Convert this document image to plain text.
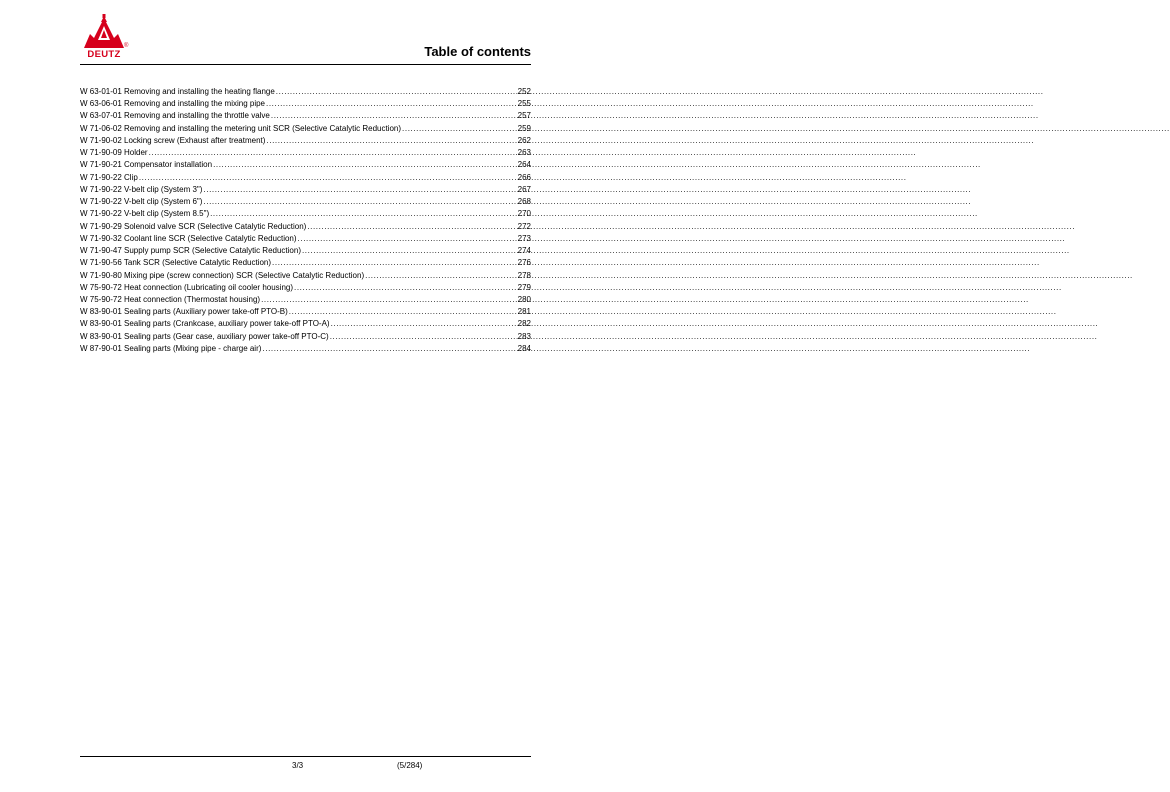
®
DEUTZ	Table of contents
W 63-01-01 Removing and installing the heating flange .....	252
W 63-06-01 Removing and installing the mixing pipe .....	255
W 63-07-01 Removing and installing the throttle valve .....	257
W 71-06-02 Removing and installing the metering unit SCR (Selective Catalytic Reduction) .....	259
W 71-90-02 Locking screw (Exhaust after treatment) .....	262
W 71-90-09 Holder .....	263
W 71-90-21 Compensator installation .....	264
W 71-90-22 Clip .....	266
W 71-90-22 V-belt clip (System 3") .....	267
W 71-90-22 V-belt clip (System 6") .....	268
W 71-90-22 V-belt clip (System 8.5") .....	270
W 71-90-29 Solenoid valve SCR (Selective Catalytic Reduction) .....	272
W 71-90-32 Coolant line SCR (Selective Catalytic Reduction) .....	273
W 71-90-47 Supply pump SCR (Selective Catalytic Reduction) .....	274
W 71-90-56 Tank SCR (Selective Catalytic Reduction) .....	276
W 71-90-80 Mixing pipe (screw connection) SCR (Selective Catalytic Reduction) .....	278
W 75-90-72 Heat connection (Lubricating oil cooler housing) .....	279
W 75-90-72 Heat connection (Thermostat housing) .....	280
W 83-90-01 Sealing parts (Auxiliary power take-off PTO-B) .....	281
W 83-90-01 Sealing parts (Crankcase, auxiliary power take-off PTO-A) .....	282
W 83-90-01 Sealing parts (Gear case, auxiliary power take-off PTO-C) .....	283
W 87-90-01 Sealing parts (Mixing pipe - charge air) .....	284
3/3	(5/284)
